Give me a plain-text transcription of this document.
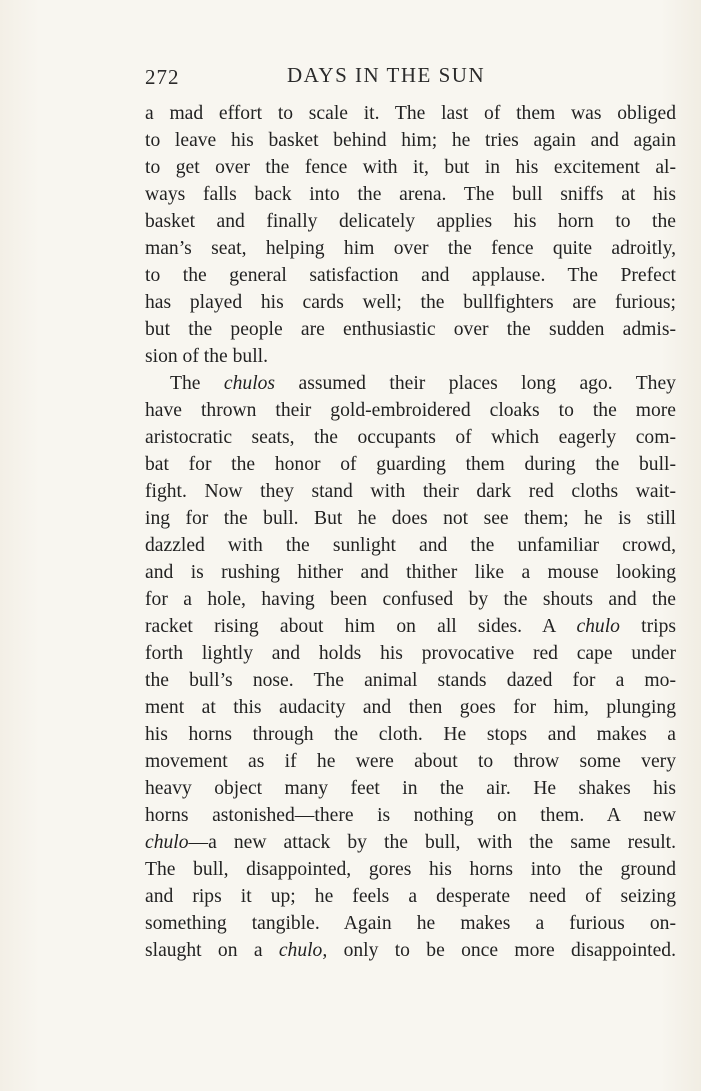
272	DAYS IN THE SUN
a mad effort to scale it. The last of them was obliged
to leave his basket behind him; he tries again and again
to get over the fence with it, but in his excitement al-
ways falls back into the arena. The bull sniffs at his
basket and finally delicately applies his horn to the
man’s seat, helping him over the fence quite adroitly,
to the general satisfaction and applause. The Prefect
has played his cards well; the bullfighters are furious;
but the people are enthusiastic over the sudden admis-
sion of the bull.
The chulos assumed their places long ago. They
have thrown their gold-embroidered cloaks to the more
aristocratic seats, the occupants of which eagerly com-
bat for the honor of guarding them during the bull-
fight. Now they stand with their dark red cloths wait-
ing for the bull. But he does not see them; he is still
dazzled with the sunlight and the unfamiliar crowd,
and is rushing hither and thither like a mouse looking
for a hole, having been confused by the shouts and the
racket rising about him on all sides. A chulo trips
forth lightly and holds his provocative red cape under
the bull’s nose. The animal stands dazed for a mo-
ment at this audacity and then goes for him, plunging
his horns through the cloth. He stops and makes a
movement as if he were about to throw some very
heavy object many feet in the air. He shakes his
horns astonished—there is nothing on them. A new
chulo—a new attack by the bull, with the same result.
The bull, disappointed, gores his horns into the ground
and rips it up; he feels a desperate need of seizing
something tangible. Again he makes a furious on-
slaught on a chulo, only to be once more disappointed.
